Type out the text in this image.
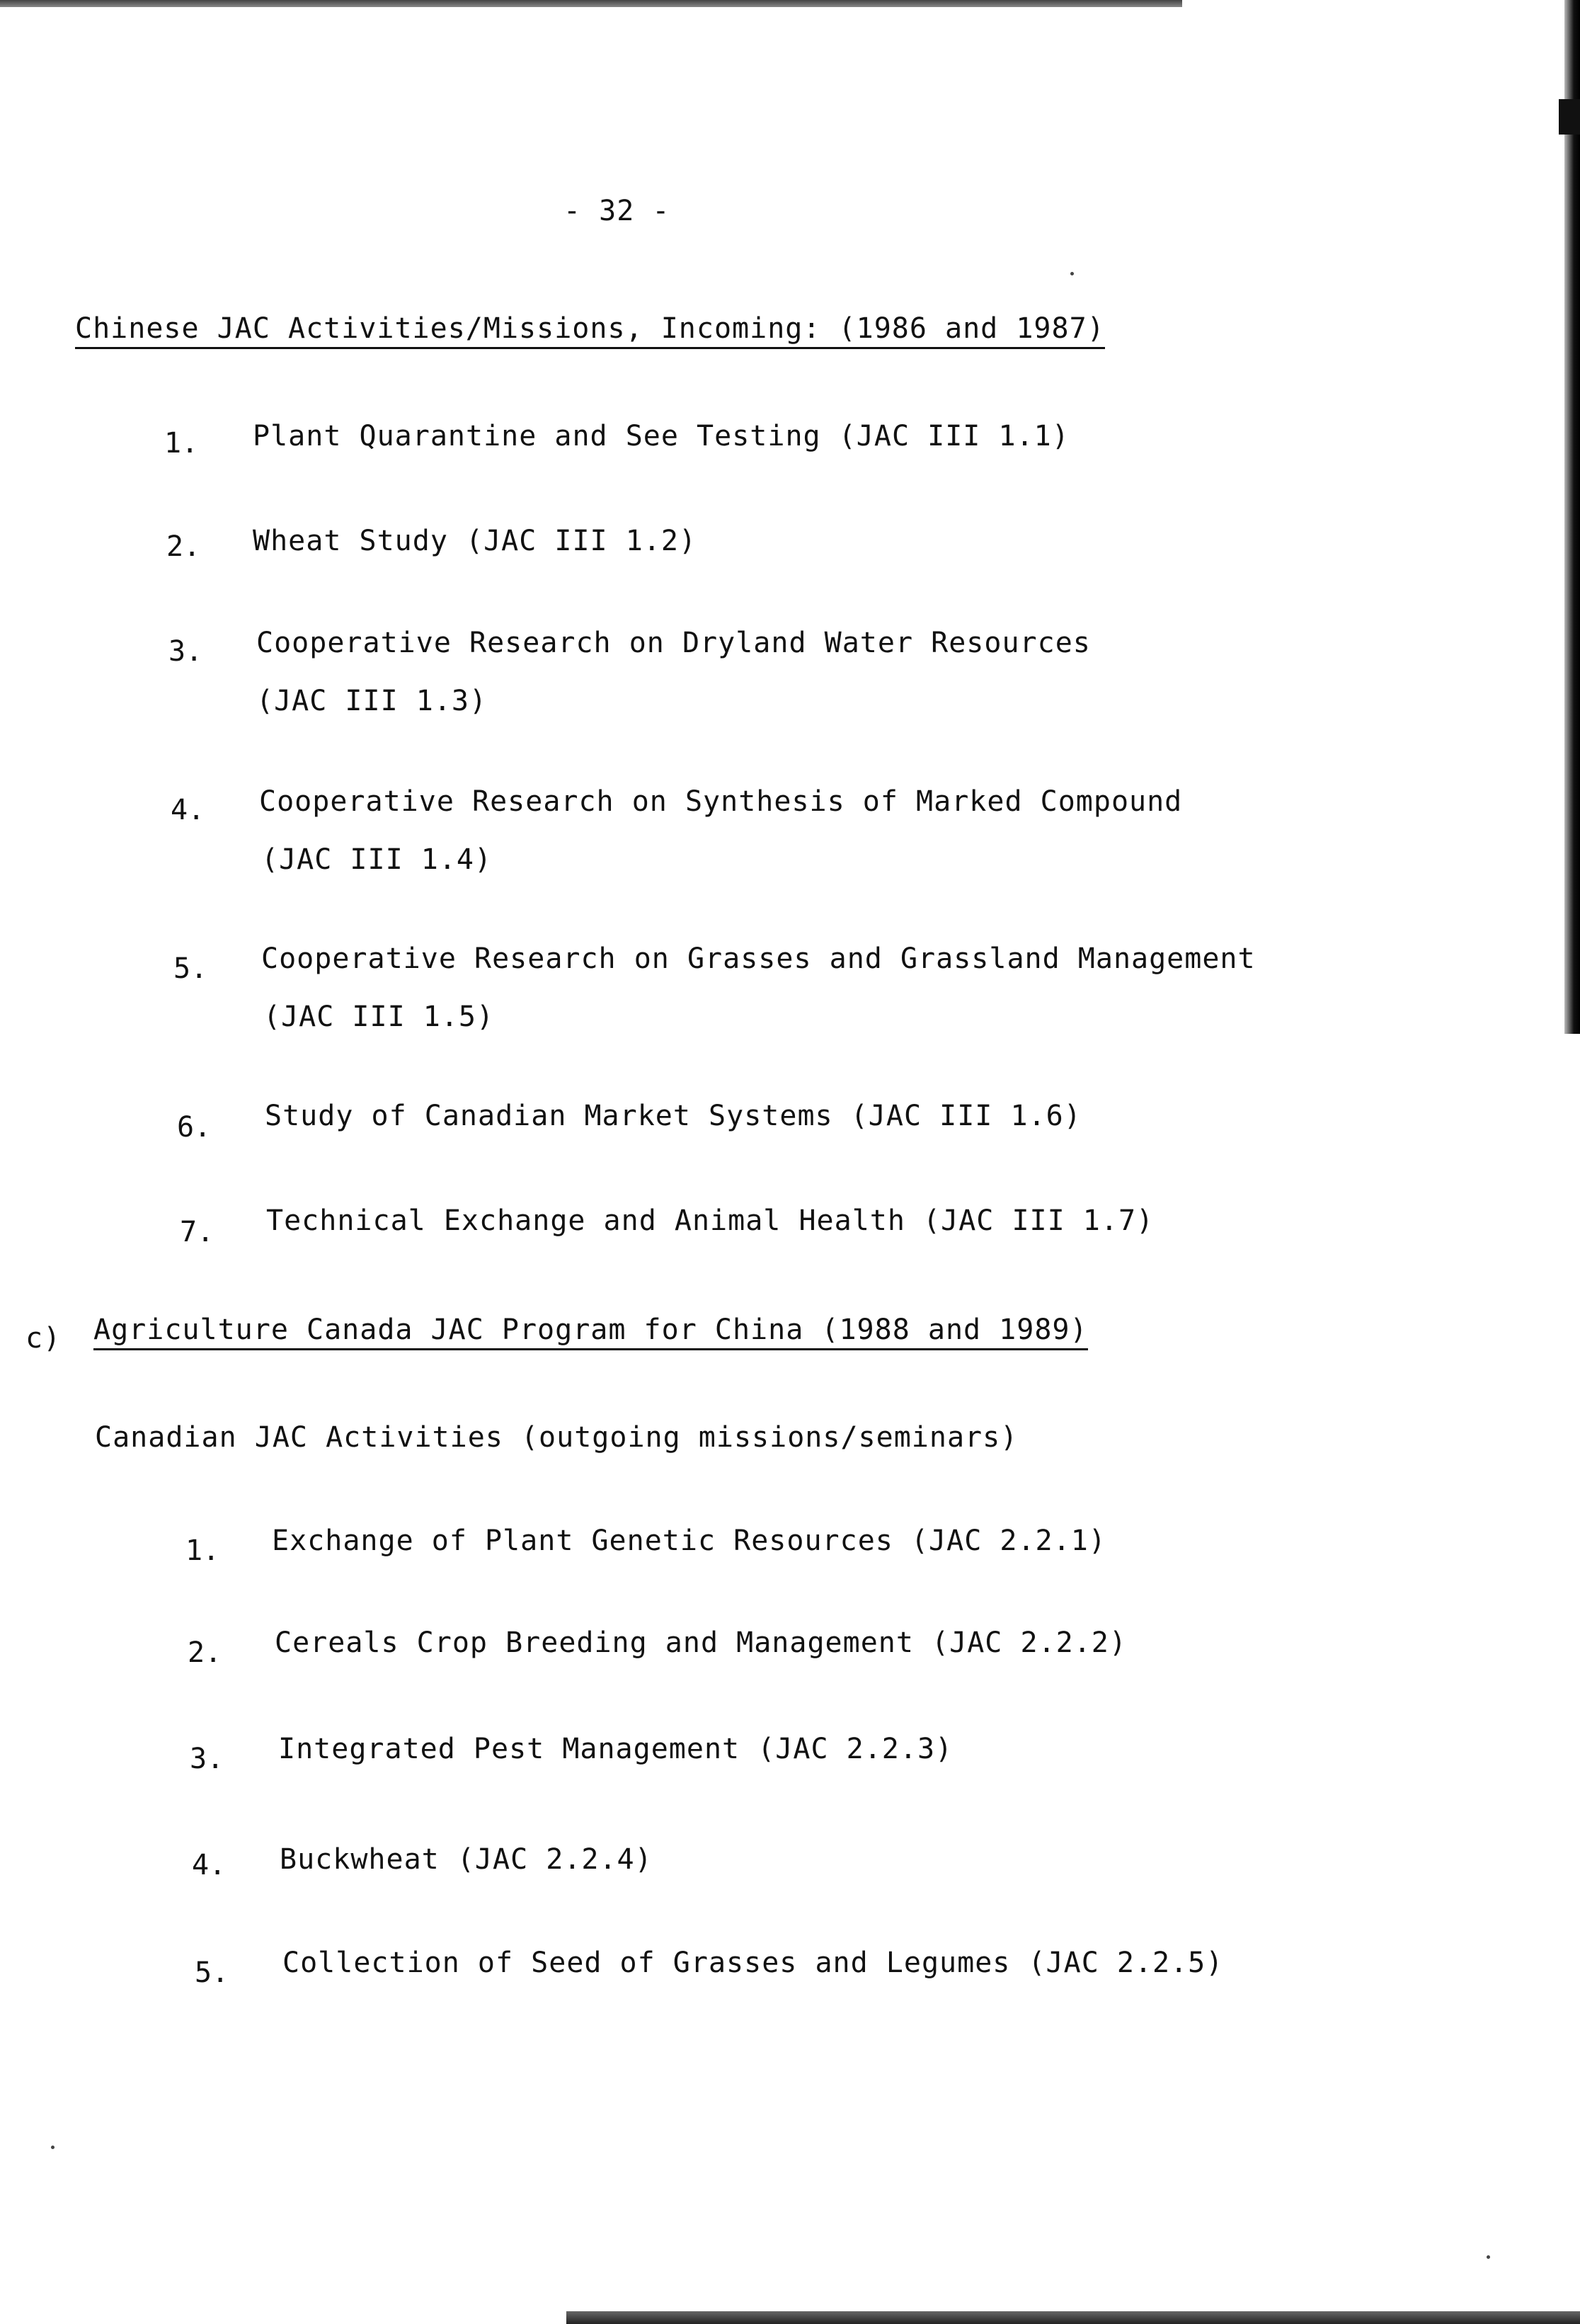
- 32 -
Chinese JAC Activities/Missions, Incoming: (1986 and 1987)
1. Plant Quarantine and See Testing (JAC III 1.1)
2. Wheat Study (JAC III 1.2)
3. Cooperative Research on Dryland Water Resources
(JAC III 1.3)
4. Cooperative Research on Synthesis of Marked Compound
(JAC III 1.4)
5. Cooperative Research on Grasses and Grassland Management
(JAC III 1.5)
6. Study of Canadian Market Systems (JAC III 1.6)
7. Technical Exchange and Animal Health (JAC III 1.7)
c) Agriculture Canada JAC Program for China (1988 and 1989)
Canadian JAC Activities (outgoing missions/seminars)
1. Exchange of Plant Genetic Resources (JAC 2.2.1)
2. Cereals Crop Breeding and Management (JAC 2.2.2)
3. Integrated Pest Management (JAC 2.2.3)
4. Buckwheat (JAC 2.2.4)
5. Collection of Seed of Grasses and Legumes (JAC 2.2.5)
